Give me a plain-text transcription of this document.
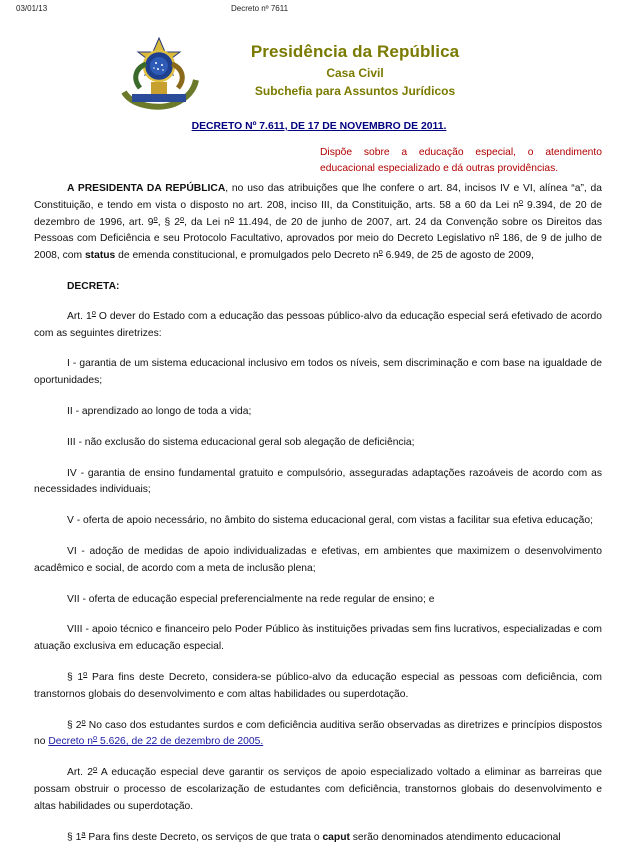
03/01/13	Decreto nº 7611
Presidência da República
Casa Civil
Subchefia para Assuntos Jurídicos
DECRETO Nº 7.611, DE 17 DE NOVEMBRO DE 2011.
Dispõe sobre a educação especial, o atendimento educacional especializado e dá outras providências.

A PRESIDENTA DA REPÚBLICA, no uso das atribuições que lhe confere o art. 84, incisos IV e VI, alínea “a”, da Constituição, e tendo em vista o disposto no art. 208, inciso III, da Constituição, arts. 58 a 60 da Lei $n^o$ 9.394, de 20 de dezembro de 1996, art. 9$^o$, § 2$^o$, da Lei $n^o$ 11.494, de 20 de junho de 2007, art. 24 da Convenção sobre os Direitos das Pessoas com Deficiência e seu Protocolo Facultativo, aprovados por meio do Decreto Legislativo $n^o$ 186, de 9 de julho de 2008, com status de emenda constitucional, e promulgados pelo Decreto $n^o$ 6.949, de 25 de agosto de 2009,

DECRETA:

Art. 1$^o$ O dever do Estado com a educação das pessoas público-alvo da educação especial será efetivado de acordo com as seguintes diretrizes:

I - garantia de um sistema educacional inclusivo em todos os níveis, sem discriminação e com base na igualdade de oportunidades;

II - aprendizado ao longo de toda a vida;

III - não exclusão do sistema educacional geral sob alegação de deficiência;

IV - garantia de ensino fundamental gratuito e compulsório, asseguradas adaptações razoáveis de acordo com as necessidades individuais;

V - oferta de apoio necessário, no âmbito do sistema educacional geral, com vistas a facilitar sua efetiva educação;

VI - adoção de medidas de apoio individualizadas e efetivas, em ambientes que maximizem o desenvolvimento acadêmico e social, de acordo com a meta de inclusão plena;

VII - oferta de educação especial preferencialmente na rede regular de ensino; e

VIII - apoio técnico e financeiro pelo Poder Público às instituições privadas sem fins lucrativos, especializadas e com atuação exclusiva em educação especial.

§ 1$^o$ Para fins deste Decreto, considera-se público-alvo da educação especial as pessoas com deficiência, com transtornos globais do desenvolvimento e com altas habilidades ou superdotação.

§ 2$^o$ No caso dos estudantes surdos e com deficiência auditiva serão observadas as diretrizes e princípios dispostos no Decreto $n^o$ 5.626, de 22 de dezembro de 2005.

Art. 2$^o$ A educação especial deve garantir os serviços de apoio especializado voltado a eliminar as barreiras que possam obstruir o processo de escolarização de estudantes com deficiência, transtornos globais do desenvolvimento e altas habilidades ou superdotação.

§ 1$^a$ Para fins deste Decreto, os serviços de que trata o caput serão denominados atendimento educacional
